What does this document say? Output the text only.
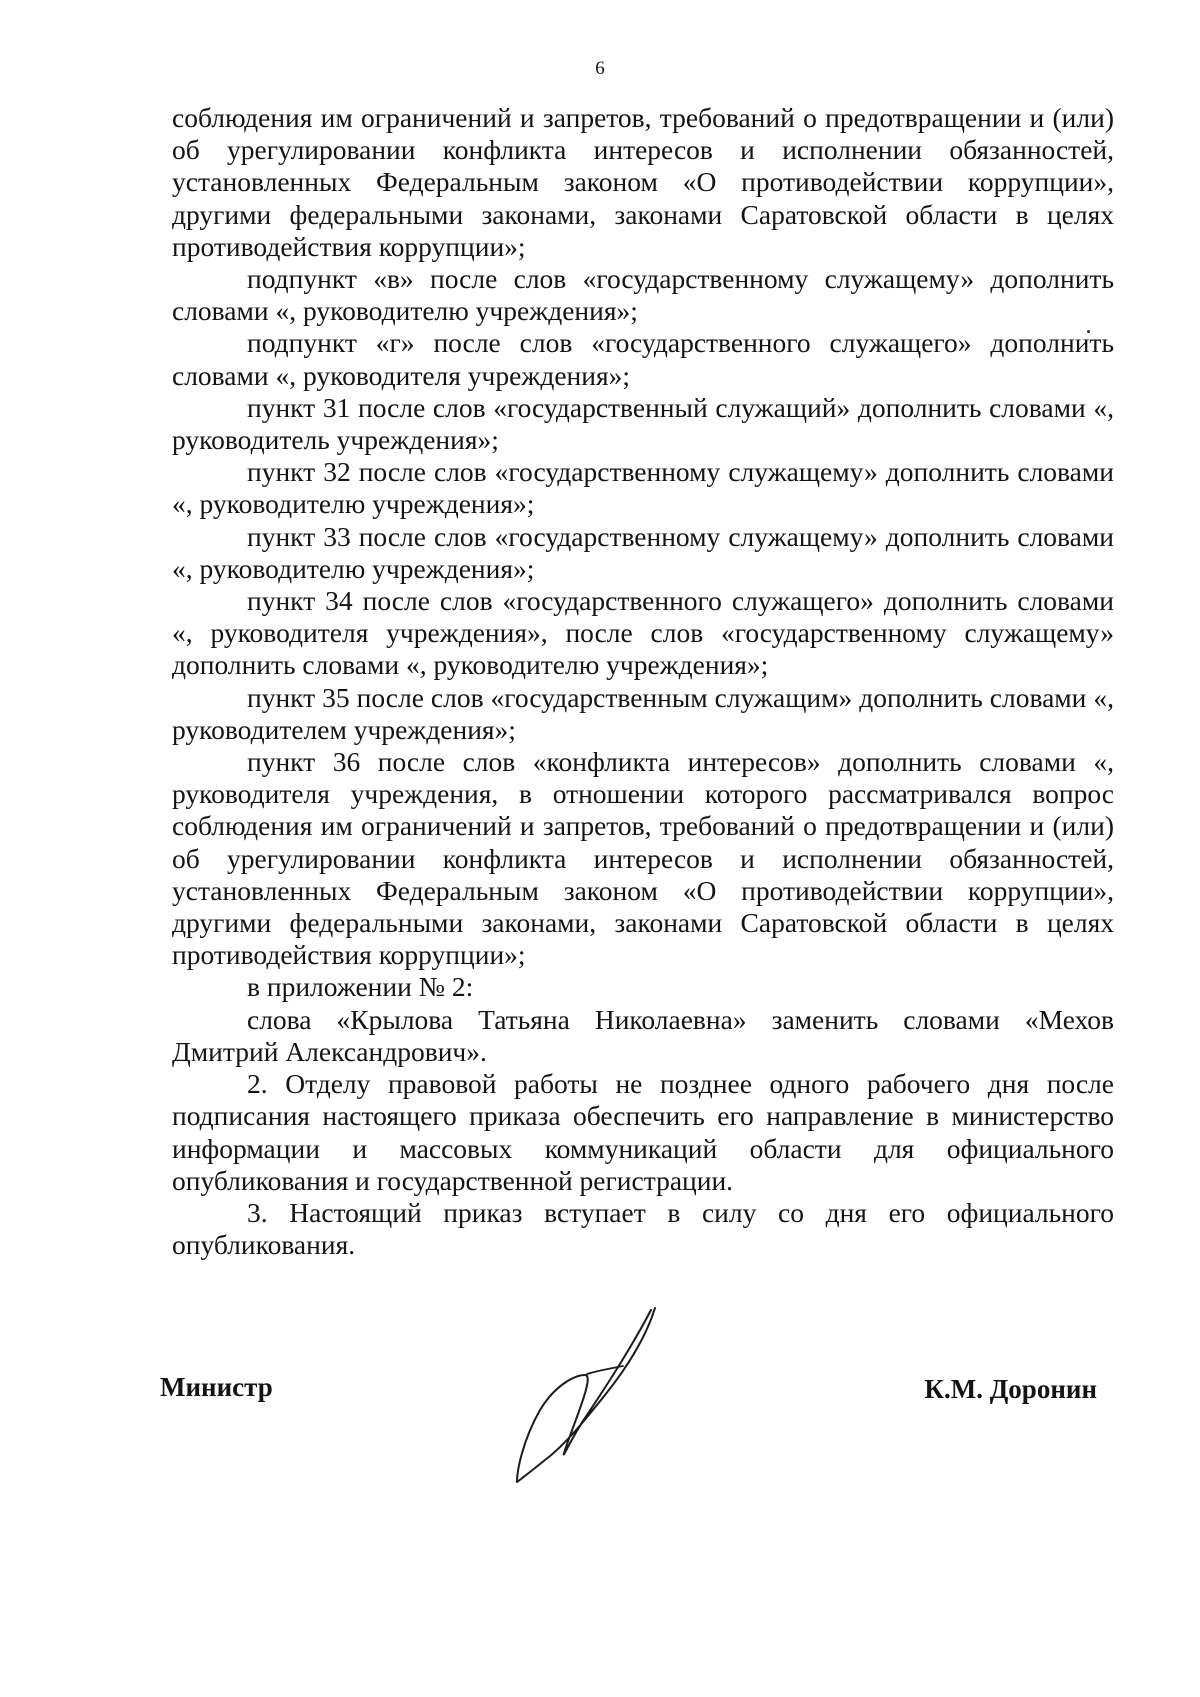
6

соблюдения им ограничений и запретов, требований о предотвращении и (или) об урегулировании конфликта интересов и исполнении обязанностей, установленных Федеральным законом «О противодействии коррупции», другими федеральными законами, законами Саратовской области в целях противодействия коррупции»;

подпункт «в» после слов «государственному служащему» дополнить словами «, руководителю учреждения»;

подпункт «г» после слов «государственного служащего» дополнить словами «, руководителя учреждения»;

пункт 31 после слов «государственный служащий» дополнить словами «, руководитель учреждения»;

пункт 32 после слов «государственному служащему» дополнить словами «, руководителю учреждения»;

пункт 33 после слов «государственному служащему» дополнить словами «, руководителю учреждения»;

пункт 34 после слов «государственного служащего» дополнить словами «, руководителя учреждения», после слов «государственному служащему» дополнить словами «, руководителю учреждения»;

пункт 35 после слов «государственным служащим» дополнить словами «, руководителем учреждения»;

пункт 36 после слов «конфликта интересов» дополнить словами «, руководителя учреждения, в отношении которого рассматривался вопрос соблюдения им ограничений и запретов, требований о предотвращении и (или) об урегулировании конфликта интересов и исполнении обязанностей, установленных Федеральным законом «О противодействии коррупции», другими федеральными законами, законами Саратовской области в целях противодействия коррупции»;

в приложении № 2:

слова «Крылова Татьяна Николаевна» заменить словами «Мехов Дмитрий Александрович».

2. Отделу правовой работы не позднее одного рабочего дня после подписания настоящего приказа обеспечить его направление в министерство информации и массовых коммуникаций области для официального опубликования и государственной регистрации.

3. Настоящий приказ вступает в силу со дня его официального опубликования.

Министр	К.М. Доронин
